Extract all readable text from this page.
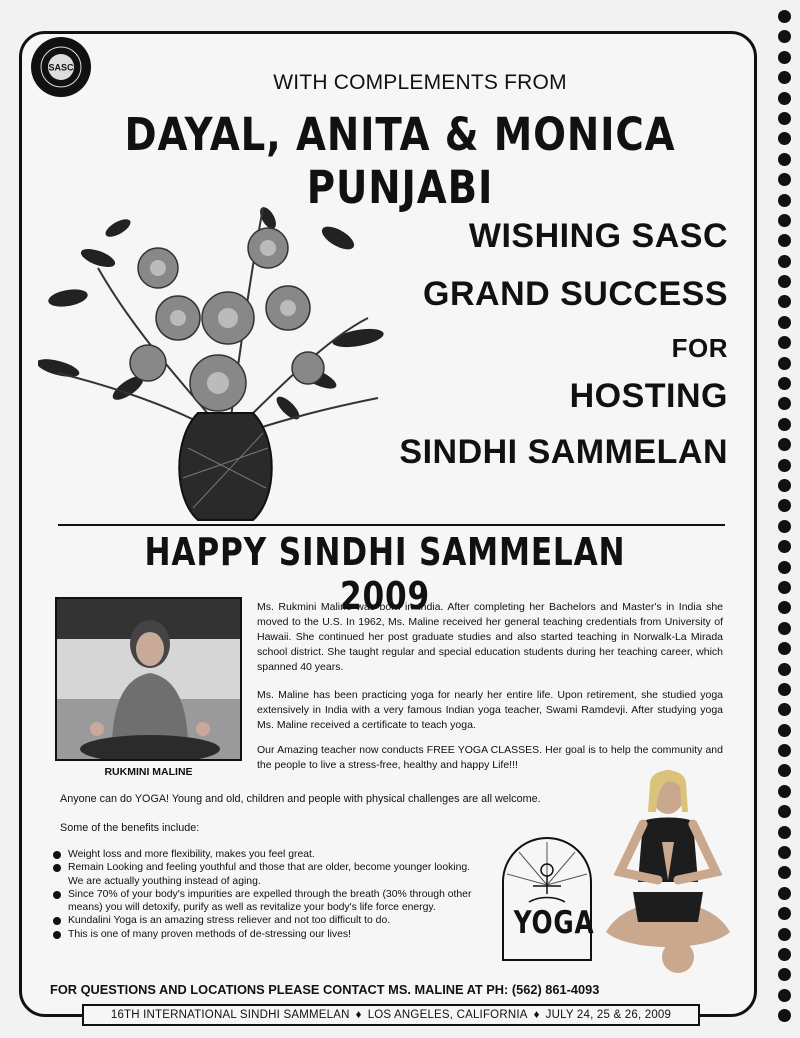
SASC
WITH COMPLEMENTS FROM
DAYAL, ANITA & MONICA PUNJABI
WISHING SASC
GRAND SUCCESS
FOR
HOSTING
SINDHI SAMMELAN
HAPPY SINDHI SAMMELAN 2009
RUKMINI MALINE
Ms. Rukmini Maline was born in India. After completing her Bachelors and Master's in India she moved to the U.S. In 1962, Ms. Maline received her general teaching credentials from University of Hawaii. She continued her post graduate studies and also started teaching in Norwalk-La Mirada school district. She taught regular and special education students during her teaching career, which spanned 40 years.
Ms. Maline has been practicing yoga for nearly her entire life. Upon retirement, she studied yoga extensively in India with a very famous Indian yoga teacher, Swami Ramdevji. After studying yoga Ms. Maline received a certificate to teach yoga.
Our Amazing teacher now conducts FREE YOGA CLASSES. Her goal is to help the community and the people to live a stress-free, healthy and happy Life!!!
Anyone can do YOGA! Young and old, children and people with physical challenges are all welcome.
Some of the benefits include:
Weight loss and more flexibility, makes you feel great.
Remain Looking and feeling youthful and those that are older, become younger looking. We are actually youthing instead of aging.
Since 70% of your body's impurities are expelled through the breath (30% through other means) you will detoxify, purify as well as revitalize your body's life force energy.
Kundalini Yoga is an amazing stress reliever and not too difficult to do.
This is one of many proven methods of de-stressing our lives!	YOGA
FOR QUESTIONS AND LOCATIONS PLEASE CONTACT MS. MALINE AT PH: (562) 861-4093
16TH INTERNATIONAL SINDHI SAMMELAN ♦ LOS ANGELES, CALIFORNIA ♦ JULY 24, 25 & 26, 2009
